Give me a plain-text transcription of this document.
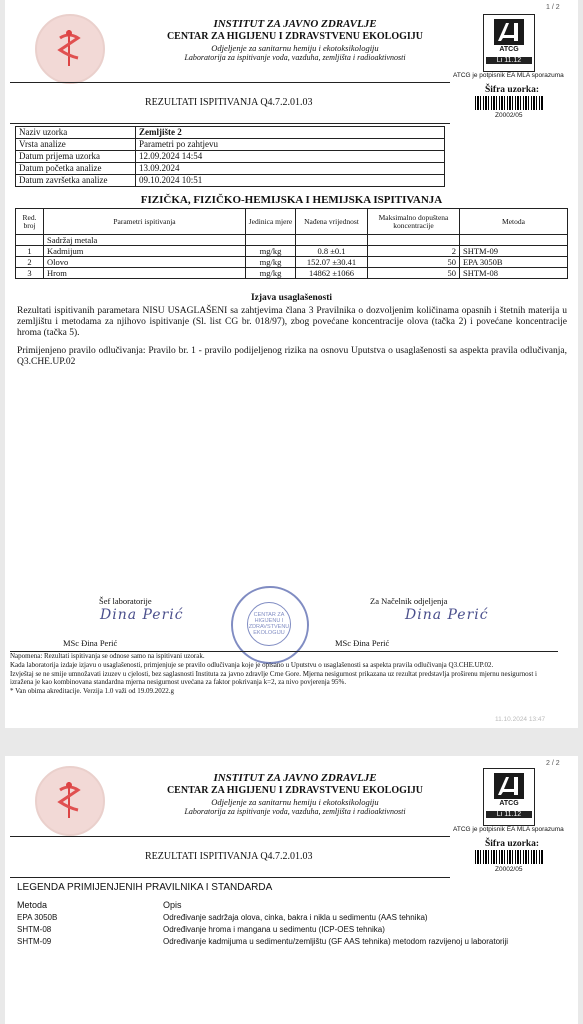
1 / 2
INSTITUT ZA JAVNO ZDRAVLJE
CENTAR ZA HIGIJENU I ZDRAVSTVENU EKOLOGIJU
Odjeljenje za sanitarnu hemiju i ekotoksikologiju
Laboratorija za ispitivanje voda, vazduha, zemljišta i radioaktivnosti
ATCG
Li 11.12
ATCG je potpisnik EA MLA sporazuma
REZULTATI ISPITIVANJA Q4.7.2.01.03
Šifra uzorka:
Z0002/05
Naziv uzorka	Zemljište 2
Vrsta analize	Parametri po zahtjevu
Datum prijema uzorka	12.09.2024 14:54
Datum početka analize	13.09.2024
Datum završetka analize	09.10.2024 10:51
FIZIČKA, FIZIČKO-HEMIJSKA I HEMIJSKA ISPITIVANJA
Red. broj	Parametri ispitivanja	Jedinica mjere	Nađena vrijednost	Maksimalno dopuštena koncentracije	Metoda
	Sadržaj metala				
1	Kadmijum	mg/kg	0.8 ±0.1	2	SHTM-09
2	Olovo	mg/kg	152.07 ±30.41	50	EPA 3050B
3	Hrom	mg/kg	14862 ±1066	50	SHTM-08
Izjava usaglašenosti
Rezultati ispitivanih parametara NISU USAGLAŠENI sa zahtjevima člana 3 Pravilnika o dozvoljenim količinama opasnih i štetnih materija u zemljištu i metodama za njihovo ispitivanje (Sl. list CG br. 018/97), zbog povećane koncentracije olova (tačka 2) i povećane koncentracije hroma (tačka 5).
Primijenjeno pravilo odlučivanja: Pravilo br. 1 - pravilo podijeljenog rizika na osnovu Uputstva o usaglašenosti sa aspekta pravila odlučivanja, Q3.CHE.UP.02
Šef laboratorije
Dina Perić
MSc Đina Perić
CENTAR ZA HIGIJENU I ZDRAVSTVENU EKOLOGIJU
Za Načelnik odjeljenja
Dina Perić
MSc Đina Perić
Napomena: Rezultati ispitivanja se odnose samo na ispitivani uzorak.
Kada laboratorija izdaje izjavu o usaglašenosti, primjenjuje se pravilo odlučivanja koje je opisano u Uputstvu o usaglašenosti sa aspekta pravila odlučivanja Q3.CHE.UP.02.
Izvještaj se ne smije umnožavati izuzev u cjelosti, bez saglasnosti Instituta za javno zdravlje Crne Gore. Mjerna nesigurnost prikazana uz rezultat predstavlja proširenu mjernu nesigurnost i izražena je kao kombinovana standardna mjerna nesigurnost uvećana za faktor pokrivanja k=2, za nivo povjerenja 95%.
* Van obima akreditacije. Verzija 1.0 važi od 19.09.2022.g
11.10.2024 13:47
2 / 2
INSTITUT ZA JAVNO ZDRAVLJE
CENTAR ZA HIGIJENU I ZDRAVSTVENU EKOLOGIJU
Odjeljenje za sanitarnu hemiju i ekotoksikologiju
Laboratorija za ispitivanje voda, vazduha, zemljišta i radioaktivnosti
ATCG
Li 11.12
ATCG je potpisnik EA MLA sporazuma
REZULTATI ISPITIVANJA Q4.7.2.01.03
Šifra uzorka:
Z0002/05
LEGENDA PRIMIJENJENIH PRAVILNIKA I STANDARDA
Metoda	Opis
EPA 3050B	Određivanje sadržaja olova, cinka, bakra i nikla u sedimentu (AAS tehnika)
SHTM-08	Određivanje hroma i mangana u sedimentu (ICP-OES tehnika)
SHTM-09	Određivanje kadmijuma u sedimentu/zemljištu (GF AAS tehnika) metodom razvijenoj u laboratoriji
